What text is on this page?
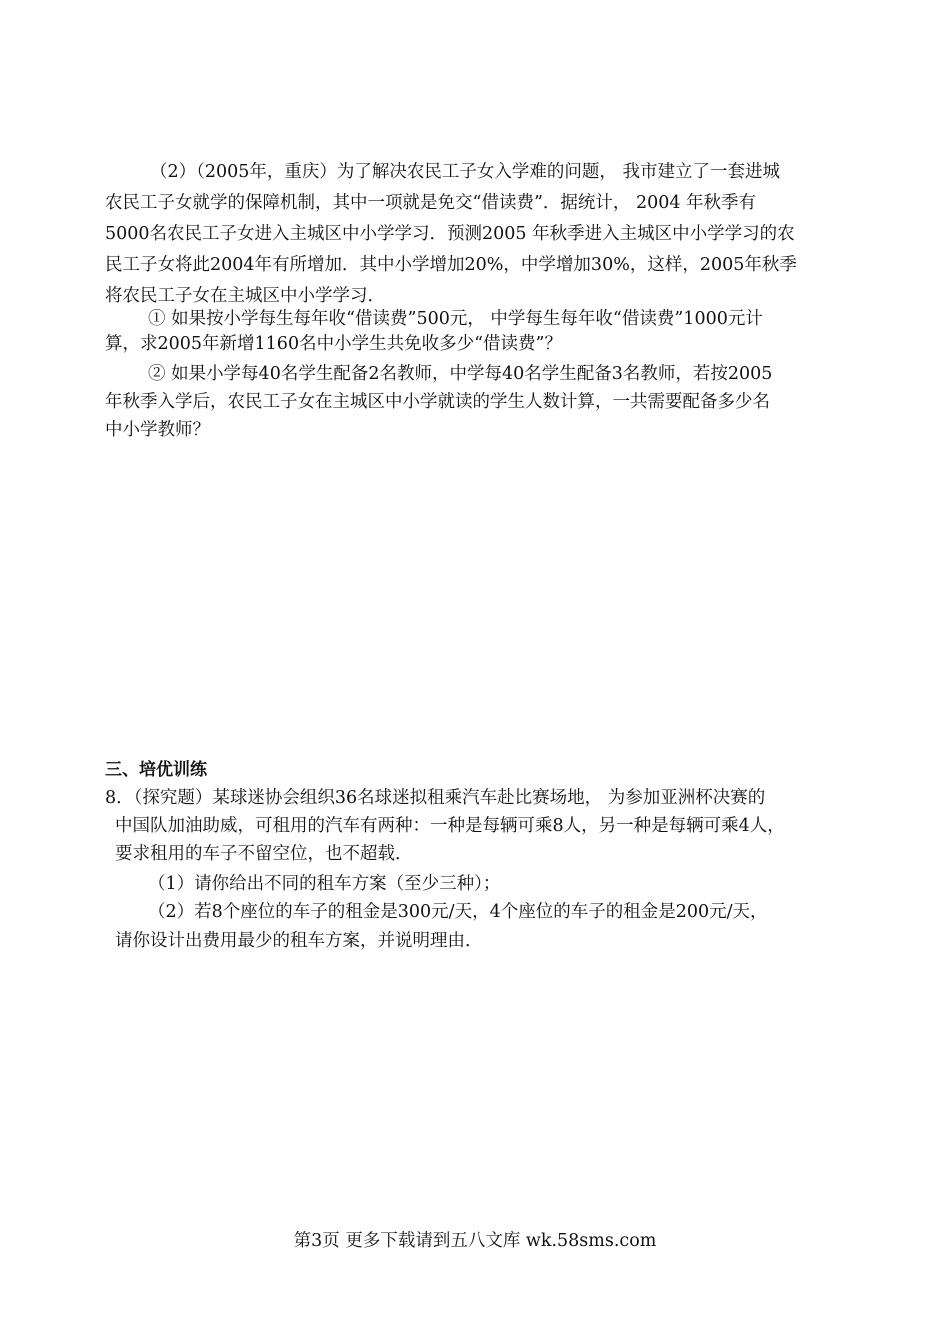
（2）（2005年，重庆）为了解决农民工子女入学难的问题， 我市建立了一套进城
农民工子女就学的保障机制，其中一项就是免交“借读费”．据统计， 2004 年秋季有
5000名农民工子女进入主城区中小学学习．预测2005 年秋季进入主城区中小学学习的农
民工子女将此2004年有所增加．其中小学增加20%，中学增加30%，这样，2005年秋季
将农民工子女在主城区中小学学习．
① 如果按小学每生每年收“借读费”500元， 中学每生每年收“借读费”1000元计
算，求2005年新增1160名中小学生共免收多少“借读费”？
② 如果小学每40名学生配备2名教师，中学每40名学生配备3名教师，若按2005
年秋季入学后，农民工子女在主城区中小学就读的学生人数计算，一共需要配备多少名
中小学教师？
三、培优训练
8．（探究题）某球迷协会组织36名球迷拟租乘汽车赴比赛场地， 为参加亚洲杯决赛的
中国队加油助威，可租用的汽车有两种：一种是每辆可乘8人，另一种是每辆可乘4人，
要求租用的车子不留空位，也不超载．
（1）请你给出不同的租车方案（至少三种）；
（2）若8个座位的车子的租金是300元/天，4个座位的车子的租金是200元/天，
请你设计出费用最少的租车方案，并说明理由．
第3页 更多下载请到五八文库 wk.58sms.com
